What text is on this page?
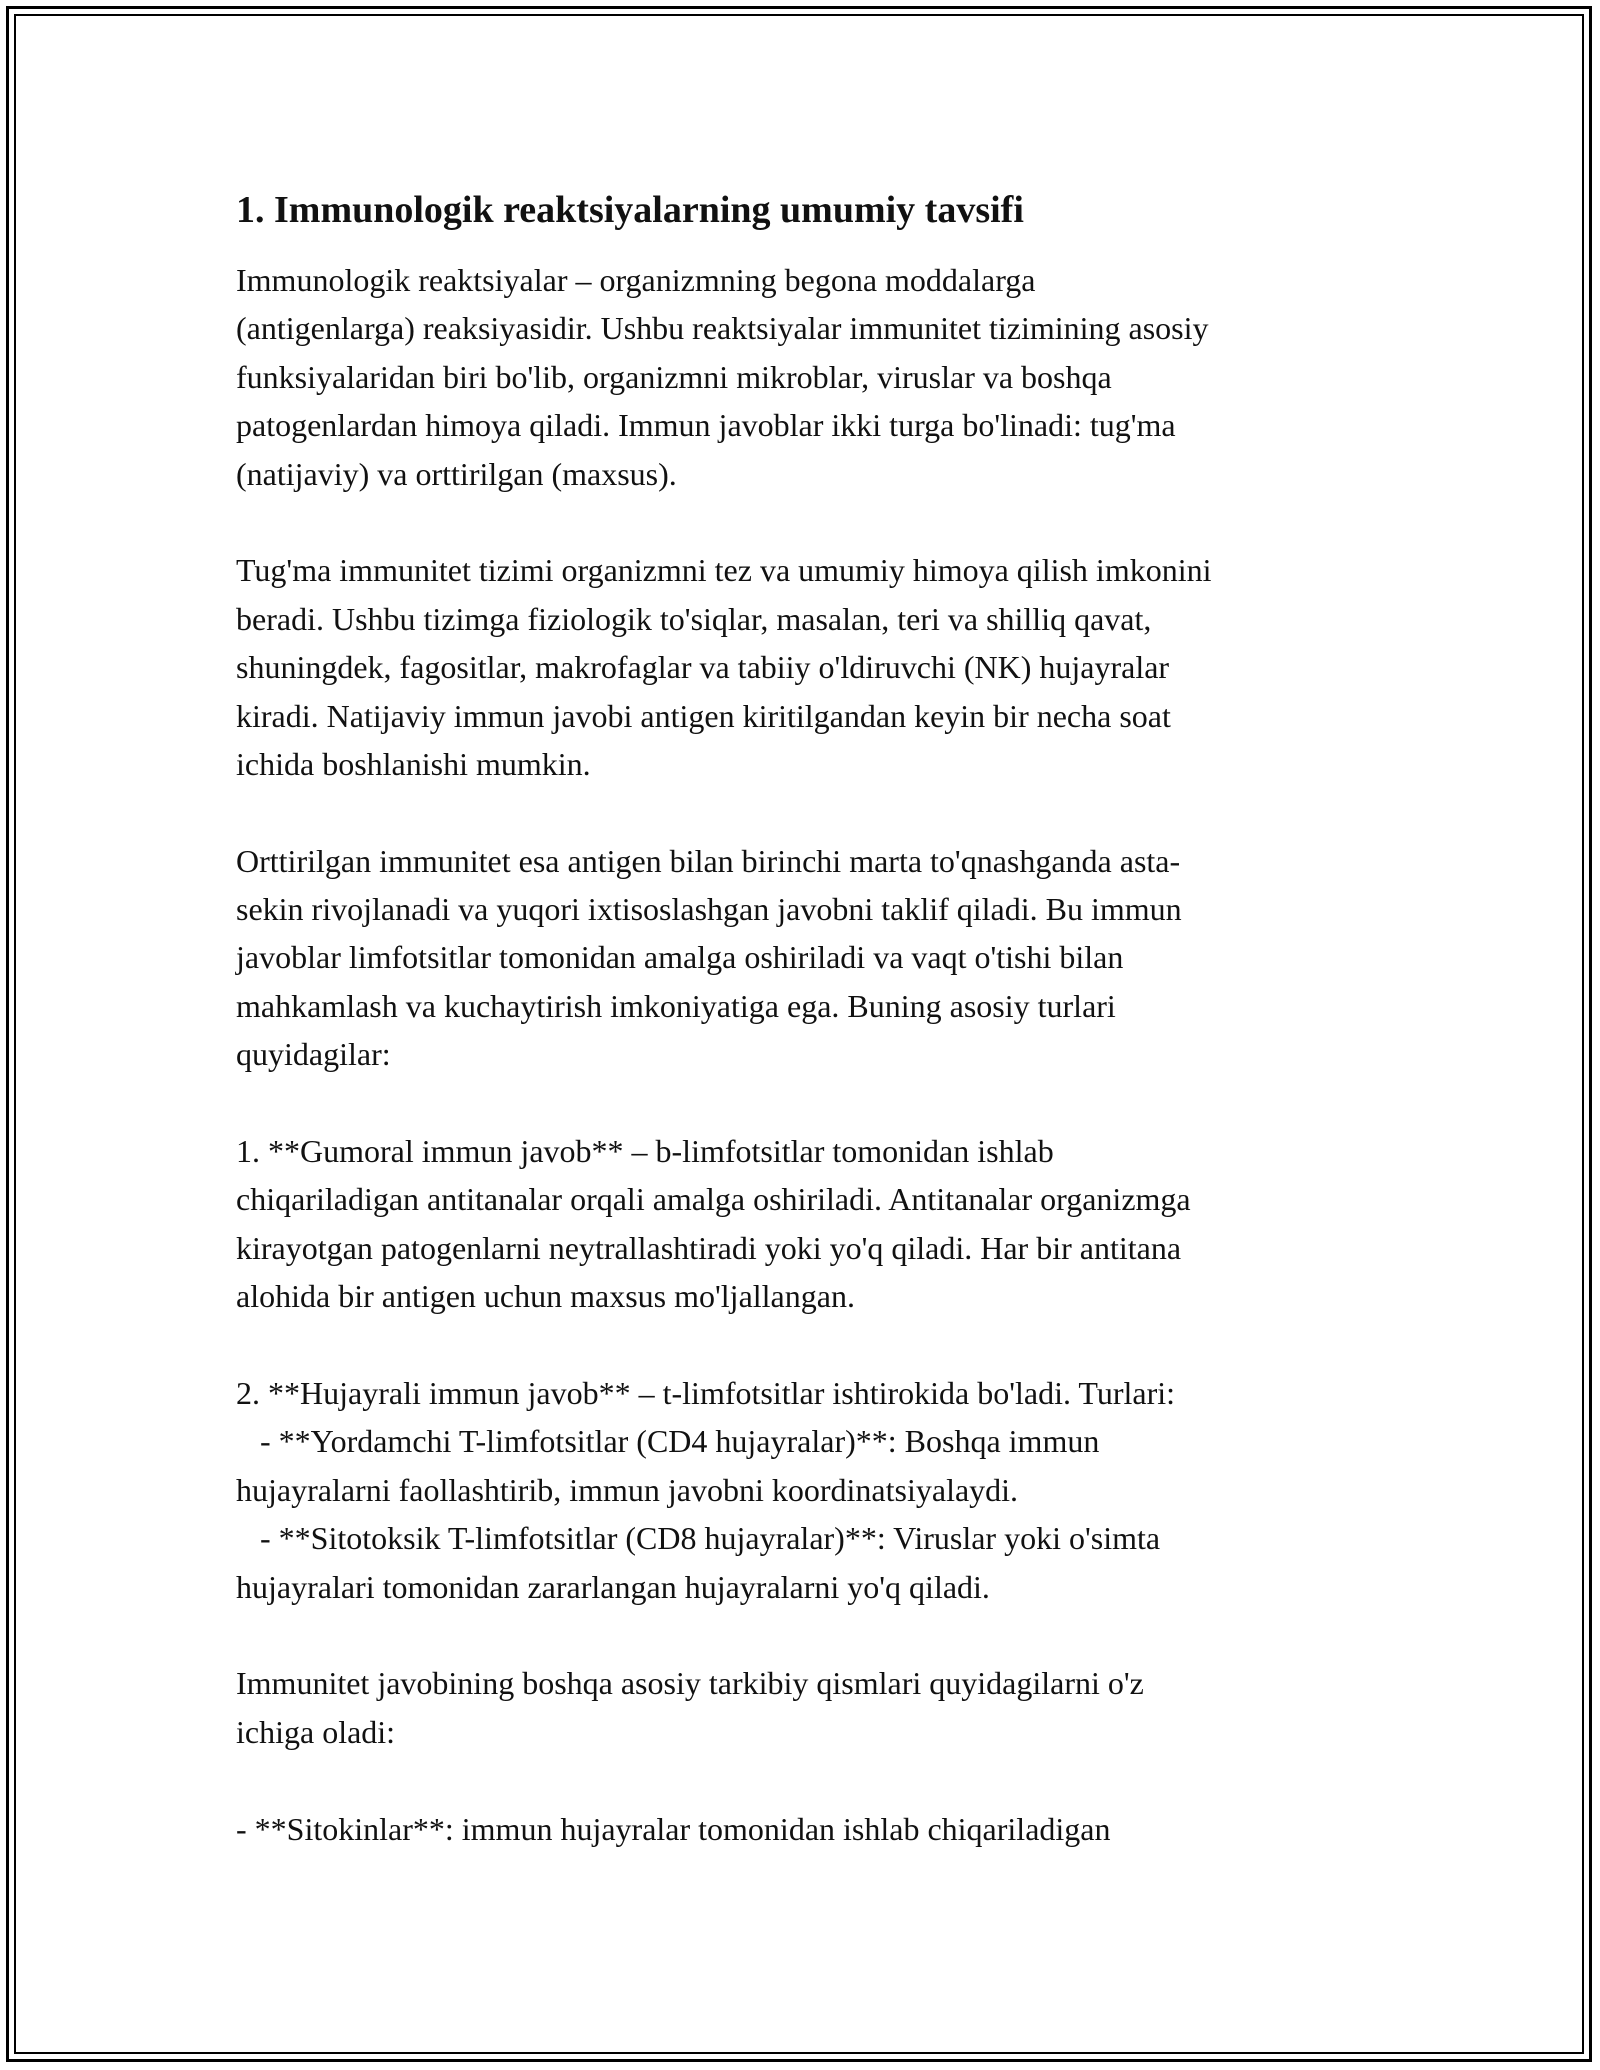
1. Immunologik reaktsiyalarning umumiy tavsifi
Immunologik reaktsiyalar – organizmning begona moddalarga
(antigenlarga) reaksiyasidir. Ushbu reaktsiyalar immunitet tizimining asosiy
funksiyalaridan biri bo'lib, organizmni mikroblar, viruslar va boshqa
patogenlardan himoya qiladi. Immun javoblar ikki turga bo'linadi: tug'ma
(natijaviy) va orttirilgan (maxsus).
Tug'ma immunitet tizimi organizmni tez va umumiy himoya qilish imkonini
beradi. Ushbu tizimga fiziologik to'siqlar, masalan, teri va shilliq qavat,
shuningdek, fagositlar, makrofaglar va tabiiy o'ldiruvchi (NK) hujayralar
kiradi. Natijaviy immun javobi antigen kiritilgandan keyin bir necha soat
ichida boshlanishi mumkin.
Orttirilgan immunitet esa antigen bilan birinchi marta to'qnashganda asta-
sekin rivojlanadi va yuqori ixtisoslashgan javobni taklif qiladi. Bu immun
javoblar limfotsitlar tomonidan amalga oshiriladi va vaqt o'tishi bilan
mahkamlash va kuchaytirish imkoniyatiga ega. Buning asosiy turlari
quyidagilar:
1. **Gumoral immun javob** – b-limfotsitlar tomonidan ishlab
chiqariladigan antitanalar orqali amalga oshiriladi. Antitanalar organizmga
kirayotgan patogenlarni neytrallashtiradi yoki yo'q qiladi. Har bir antitana
alohida bir antigen uchun maxsus mo'ljallangan.
2. **Hujayrali immun javob** – t-limfotsitlar ishtirokida bo'ladi. Turlari:
- **Yordamchi T-limfotsitlar (CD4 hujayralar)**: Boshqa immun
hujayralarni faollashtirib, immun javobni koordinatsiyalaydi.
- **Sitotoksik T-limfotsitlar (CD8 hujayralar)**: Viruslar yoki o'simta
hujayralari tomonidan zararlangan hujayralarni yo'q qiladi.
Immunitet javobining boshqa asosiy tarkibiy qismlari quyidagilarni o'z
ichiga oladi:
- **Sitokinlar**: immun hujayralar tomonidan ishlab chiqariladigan
